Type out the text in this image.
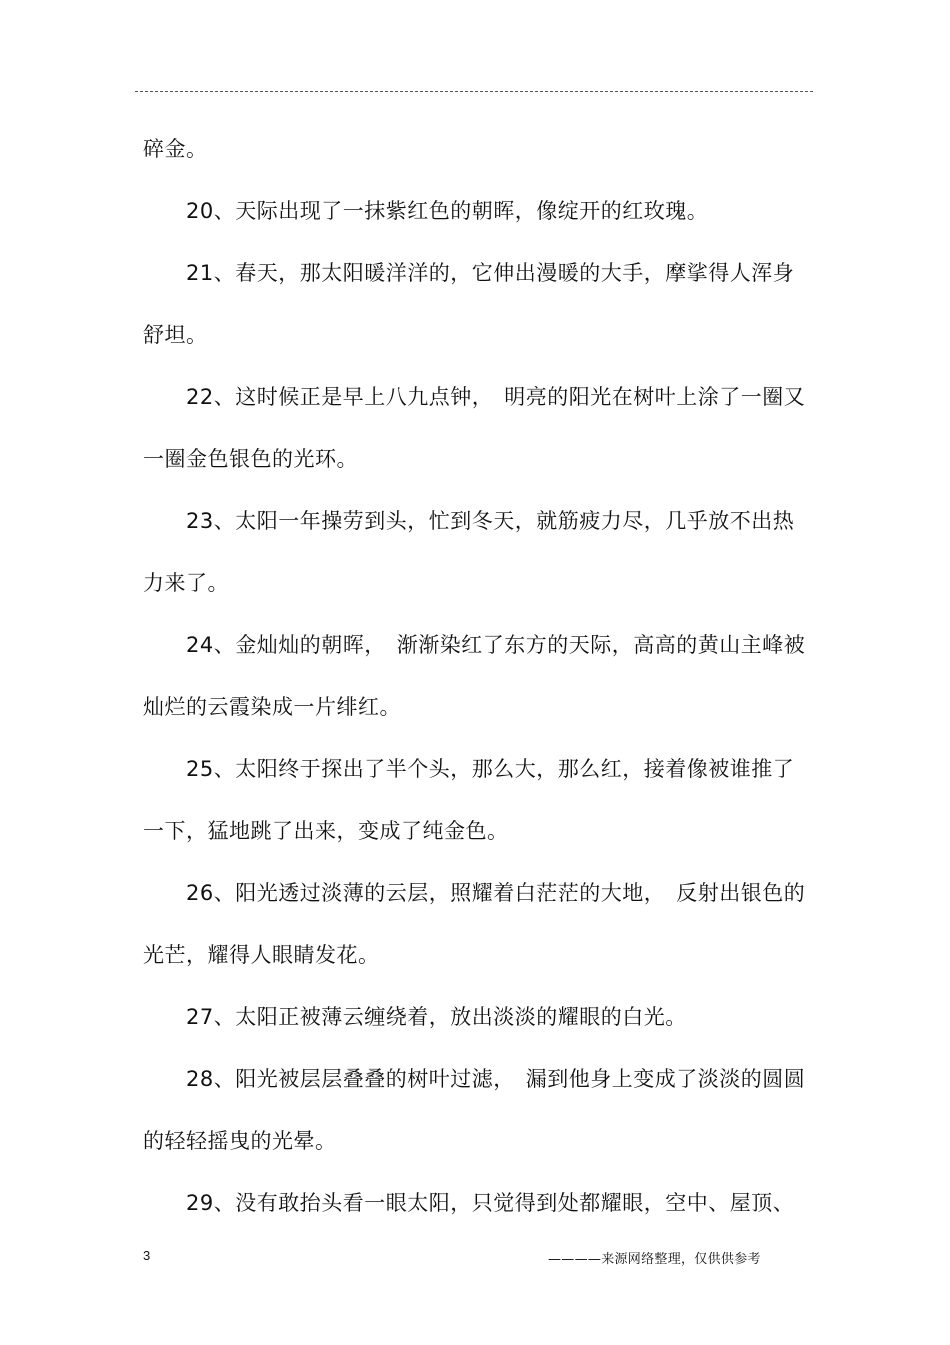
碎金。
20、天际出现了一抹紫红色的朝晖，像绽开的红玫瑰。
21、春天，那太阳暖洋洋的，它伸出漫暖的大手，摩挲得人浑身
舒坦。
22、这时候正是早上八九点钟，　明亮的阳光在树叶上涂了一圈又
一圈金色银色的光环。
23、太阳一年操劳到头，忙到冬天，就筋疲力尽，几乎放不出热
力来了。
24、金灿灿的朝晖，　渐渐染红了东方的天际，高高的黄山主峰被
灿烂的云霞染成一片绯红。
25、太阳终于探出了半个头，那么大，那么红，接着像被谁推了
一下，猛地跳了出来，变成了纯金色。
26、阳光透过淡薄的云层，照耀着白茫茫的大地，　反射出银色的
光芒，耀得人眼睛发花。
27、太阳正被薄云缠绕着，放出淡淡的耀眼的白光。
28、阳光被层层叠叠的树叶过滤，　漏到他身上变成了淡淡的圆圆
的轻轻摇曳的光晕。
29、没有敢抬头看一眼太阳，只觉得到处都耀眼，空中、屋顶、
3	————来源网络整理，仅供供参考
